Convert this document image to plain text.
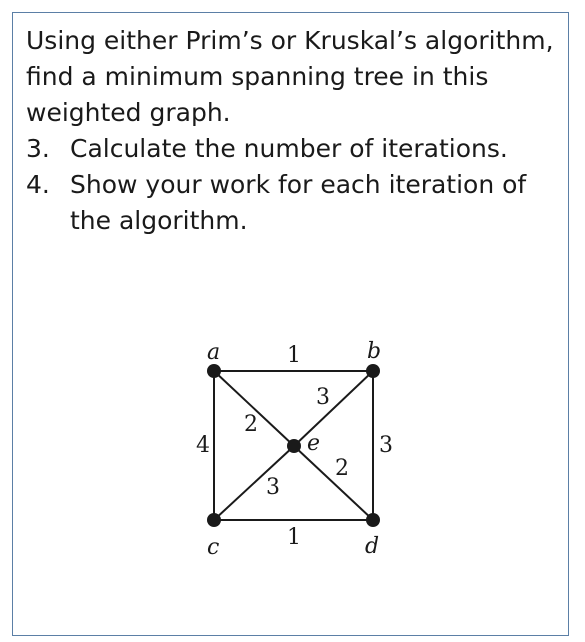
Using either Prim’s or Kruskal’s algorithm, find a minimum spanning tree in this weighted graph.

3. Calculate the number of iterations.
4. Show your work for each iteration of the algorithm.
a	b
c	d
e
1
1
4	3
2
3
3
2
